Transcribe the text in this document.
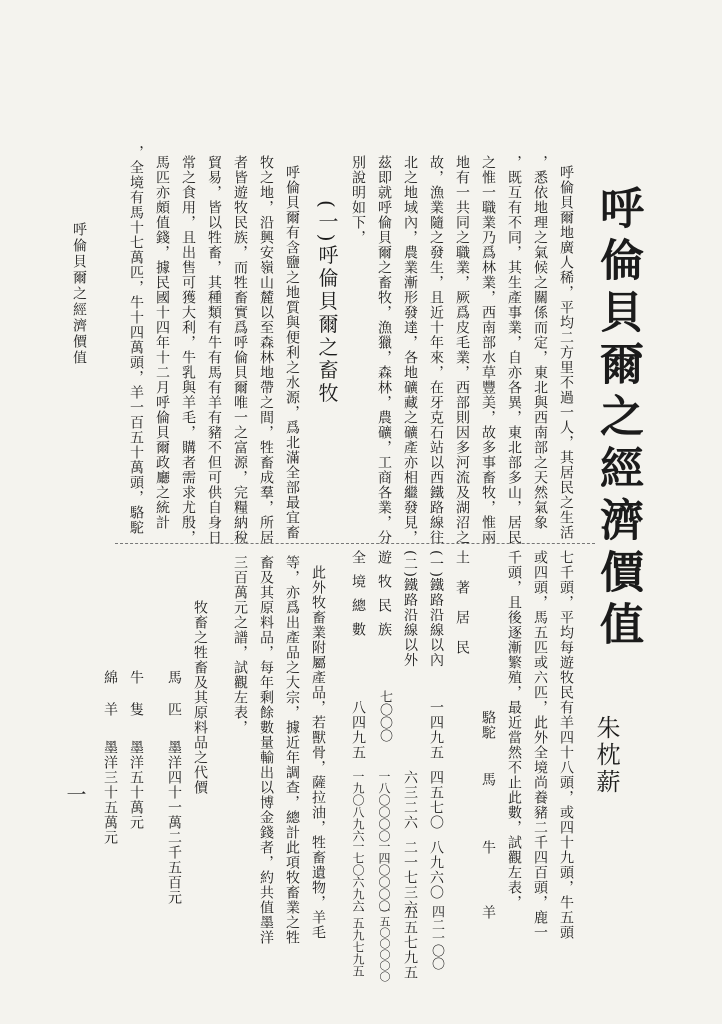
呼倫貝爾之經濟價值
朱枕薪
呼倫貝爾地廣人稀，平均二方里不過一人，其居民之生活
，悉依地理之氣候之關係而定，東北與西南部之天然氣象
，既互有不同，其生產事業，自亦各異，東北部多山，居民
之惟一職業乃爲林業，西南部水草豐美，故多事畜牧，惟兩
地有一共同之職業，厥爲皮毛業，西部則因多河流及湖沼之
故，漁業隨之發生，且近十年來，在牙克石站以西鐵路線往
北之地域內，農業漸形發達，各地礦藏之礦產亦相繼發見，
茲即就呼倫貝爾之畜牧，漁獵，森林，農礦，工商各業，分
別說明如下，
(一)呼倫貝爾之畜牧
呼倫貝爾有含鹽之地質與便利之水源，爲北滿全部最宜畜
牧之地，沿興安嶺山麓以至森林地帶之間，牲畜成羣，所居
者皆遊牧民族，而牲畜實爲呼倫貝爾唯一之富源，完糧納稅
貿易，皆以牲畜，其種類有牛有馬有羊有豬不但可供自身日
常之食用，且出售可獲大利，牛乳與羊毛，購者需求尤殷，
馬匹亦頗值錢，據民國十四年十二月呼倫貝爾政廳之統計
，全境有馬十七萬匹，牛十四萬頭，羊一百五十萬頭，駱駝
呼倫貝爾之經濟價值
七千頭，平均每遊牧民有羊四十八頭，或四十九頭，牛五頭
或四頭，馬五匹或六匹，此外全境尚養豬二千四百頭，鹿一
千頭，且後逐漸繁殖，最近當然不止此數，試觀左表，
駱駝
馬
牛
羊
土著居民
(一)鐵路沿線以內
一四九五
四五七〇
八九六〇
四二一〇〇
(二)鐵路沿線以外
六三二六
二一七三六
五五七九五
遊牧民族
七〇〇〇
一八〇〇〇〇
一四〇〇〇〇
一五〇〇〇〇〇
全境總數
八四九五
一九〇八九六
一七〇六九六
一五九七九五
此外牧畜業附屬產品，若獸骨，薩拉油，牲畜遺物，羊毛
等，亦爲出產品之大宗，據近年調查，總計此項牧畜業之牲
畜及其原料品，每年剩餘數量輸出以博金錢者，約共值墨洋
三百萬元之譜，試觀左表，
牧畜之牲畜及其原料品之代價
馬匹
墨洋四十一萬二千五百元
牛隻
墨洋五十萬元
綿羊
墨洋三十五萬元
一
